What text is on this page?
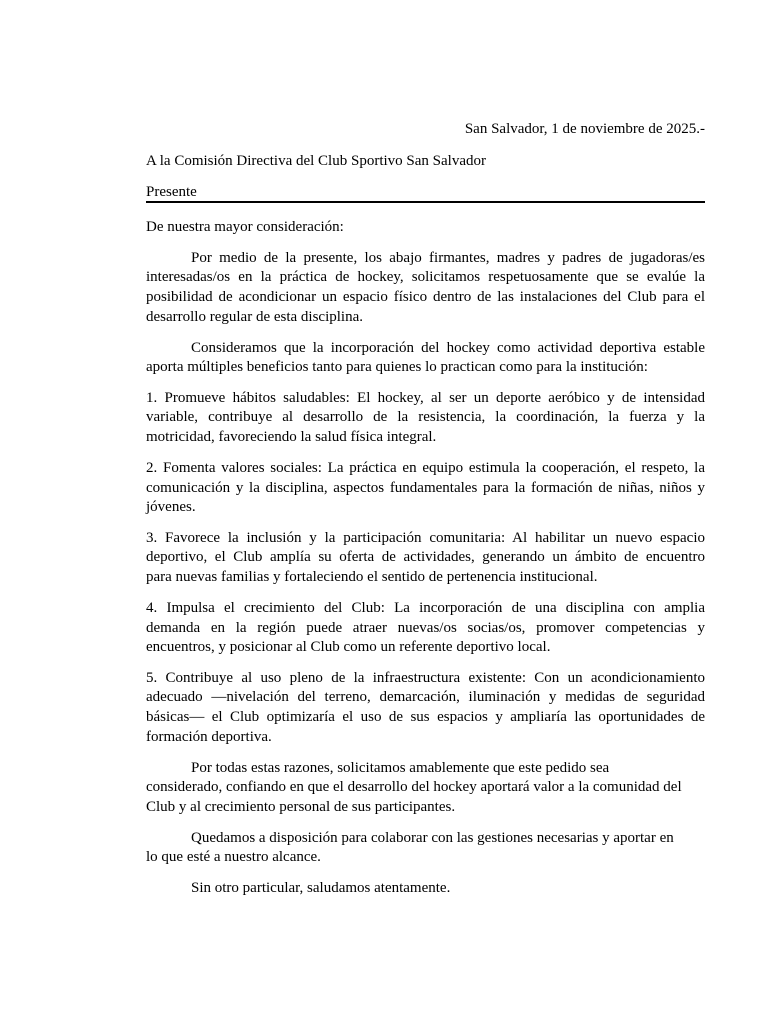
San Salvador, 1 de noviembre de 2025.-
A la Comisión Directiva del Club Sportivo San Salvador
Presente
De nuestra mayor consideración:
Por medio de la presente, los abajo firmantes, madres y padres de jugadoras/es
interesadas/os en la práctica de hockey, solicitamos respetuosamente que se evalúe la
posibilidad de acondicionar un espacio físico dentro de las instalaciones del Club para el
desarrollo regular de esta disciplina.
Consideramos que la incorporación del hockey como actividad deportiva estable
aporta múltiples beneficios tanto para quienes lo practican como para la institución:
1. Promueve hábitos saludables: El hockey, al ser un deporte aeróbico y de intensidad
variable, contribuye al desarrollo de la resistencia, la coordinación, la fuerza y la
motricidad, favoreciendo la salud física integral.
2. Fomenta valores sociales: La práctica en equipo estimula la cooperación, el respeto, la
comunicación y la disciplina, aspectos fundamentales para la formación de niñas, niños y
jóvenes.
3. Favorece la inclusión y la participación comunitaria: Al habilitar un nuevo espacio
deportivo, el Club amplía su oferta de actividades, generando un ámbito de encuentro
para nuevas familias y fortaleciendo el sentido de pertenencia institucional.
4. Impulsa el crecimiento del Club: La incorporación de una disciplina con amplia
demanda en la región puede atraer nuevas/os socias/os, promover competencias y
encuentros, y posicionar al Club como un referente deportivo local.
5. Contribuye al uso pleno de la infraestructura existente: Con un acondicionamiento
adecuado —nivelación del terreno, demarcación, iluminación y medidas de seguridad
básicas— el Club optimizaría el uso de sus espacios y ampliaría las oportunidades de
formación deportiva.
Por todas estas razones, solicitamos amablemente que este pedido sea
considerado, confiando en que el desarrollo del hockey aportará valor a la comunidad del
Club y al crecimiento personal de sus participantes.
Quedamos a disposición para colaborar con las gestiones necesarias y aportar en
lo que esté a nuestro alcance.
Sin otro particular, saludamos atentamente.
